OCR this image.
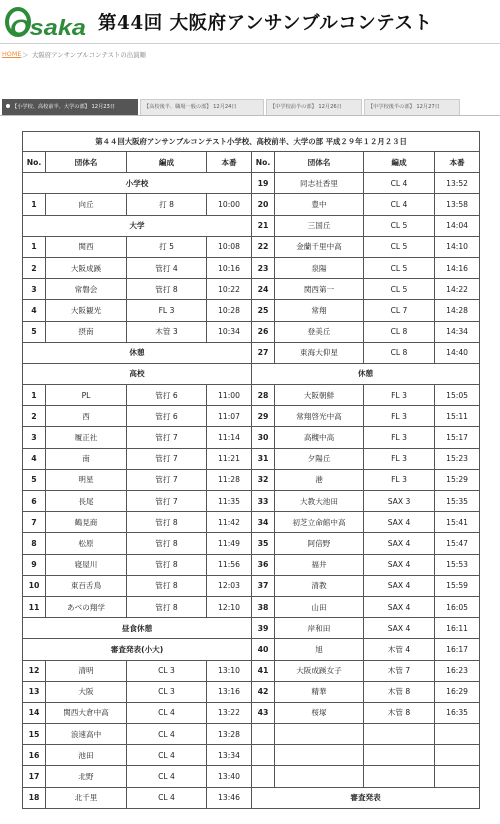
Osaka 第44回 大阪府アンサンブルコンテスト
HOME ＞ 大阪府アンサンブルコンテストの出演順
【小学校、高校前半、大学の部】 12月23日	【高校後半、職場一般の部】 12月24日	【中学校前半の部】 12月26日	【中学校後半の部】 12月27日
第４４回大阪府アンサンブルコンテスト小学校、高校前半、大学の部 平成２９年１２月２３日							
No.	団体名	編成	本番	No.	団体名	編成	本番
小学校				19	同志社香里	CL 4	13:52
1	向丘	打 8	10:00	20	豊中	CL 4	13:58
大学				21	三国丘	CL 5	14:04
1	関西	打 5	10:08	22	金蘭千里中高	CL 5	14:10
2	大阪成蹊	管打 4	10:16	23	泉陽	CL 5	14:16
3	常磐会	管打 8	10:22	24	関西第一	CL 5	14:22
4	大阪観光	FL 3	10:28	25	常翔	CL 7	14:28
5	摂南	木管 3	10:34	26	登美丘	CL 8	14:34
休憩				27	東海大仰星	CL 8	14:40
高校				休憩			
1	PL	管打 6	11:00	28	大阪朝鮮	FL 3	15:05
2	西	管打 6	11:07	29	常翔啓光中高	FL 3	15:11
3	履正社	管打 7	11:14	30	高槻中高	FL 3	15:17
4	南	管打 7	11:21	31	夕陽丘	FL 3	15:23
5	明星	管打 7	11:28	32	港	FL 3	15:29
6	長尾	管打 7	11:35	33	大教大池田	SAX 3	15:35
7	鶴見商	管打 8	11:42	34	初芝立命館中高	SAX 4	15:41
8	松原	管打 8	11:49	35	阿倍野	SAX 4	15:47
9	寝屋川	管打 8	11:56	36	福井	SAX 4	15:53
10	東百舌鳥	管打 8	12:03	37	清教	SAX 4	15:59
11	あべの翔学	管打 8	12:10	38	山田	SAX 4	16:05
昼食休憩				39	岸和田	SAX 4	16:11
審査発表(小大)				40	旭	木管 4	16:17
12	清明	CL 3	13:10	41	大阪成蹊女子	木管 7	16:23
13	大阪	CL 3	13:16	42	精華	木管 8	16:29
14	関西大倉中高	CL 4	13:22	43	桜塚	木管 8	16:35
15	浪速高中	CL 4	13:28				
16	池田	CL 4	13:34				
17	北野	CL 4	13:40				
18	北千里	CL 4	13:46	審査発表			
